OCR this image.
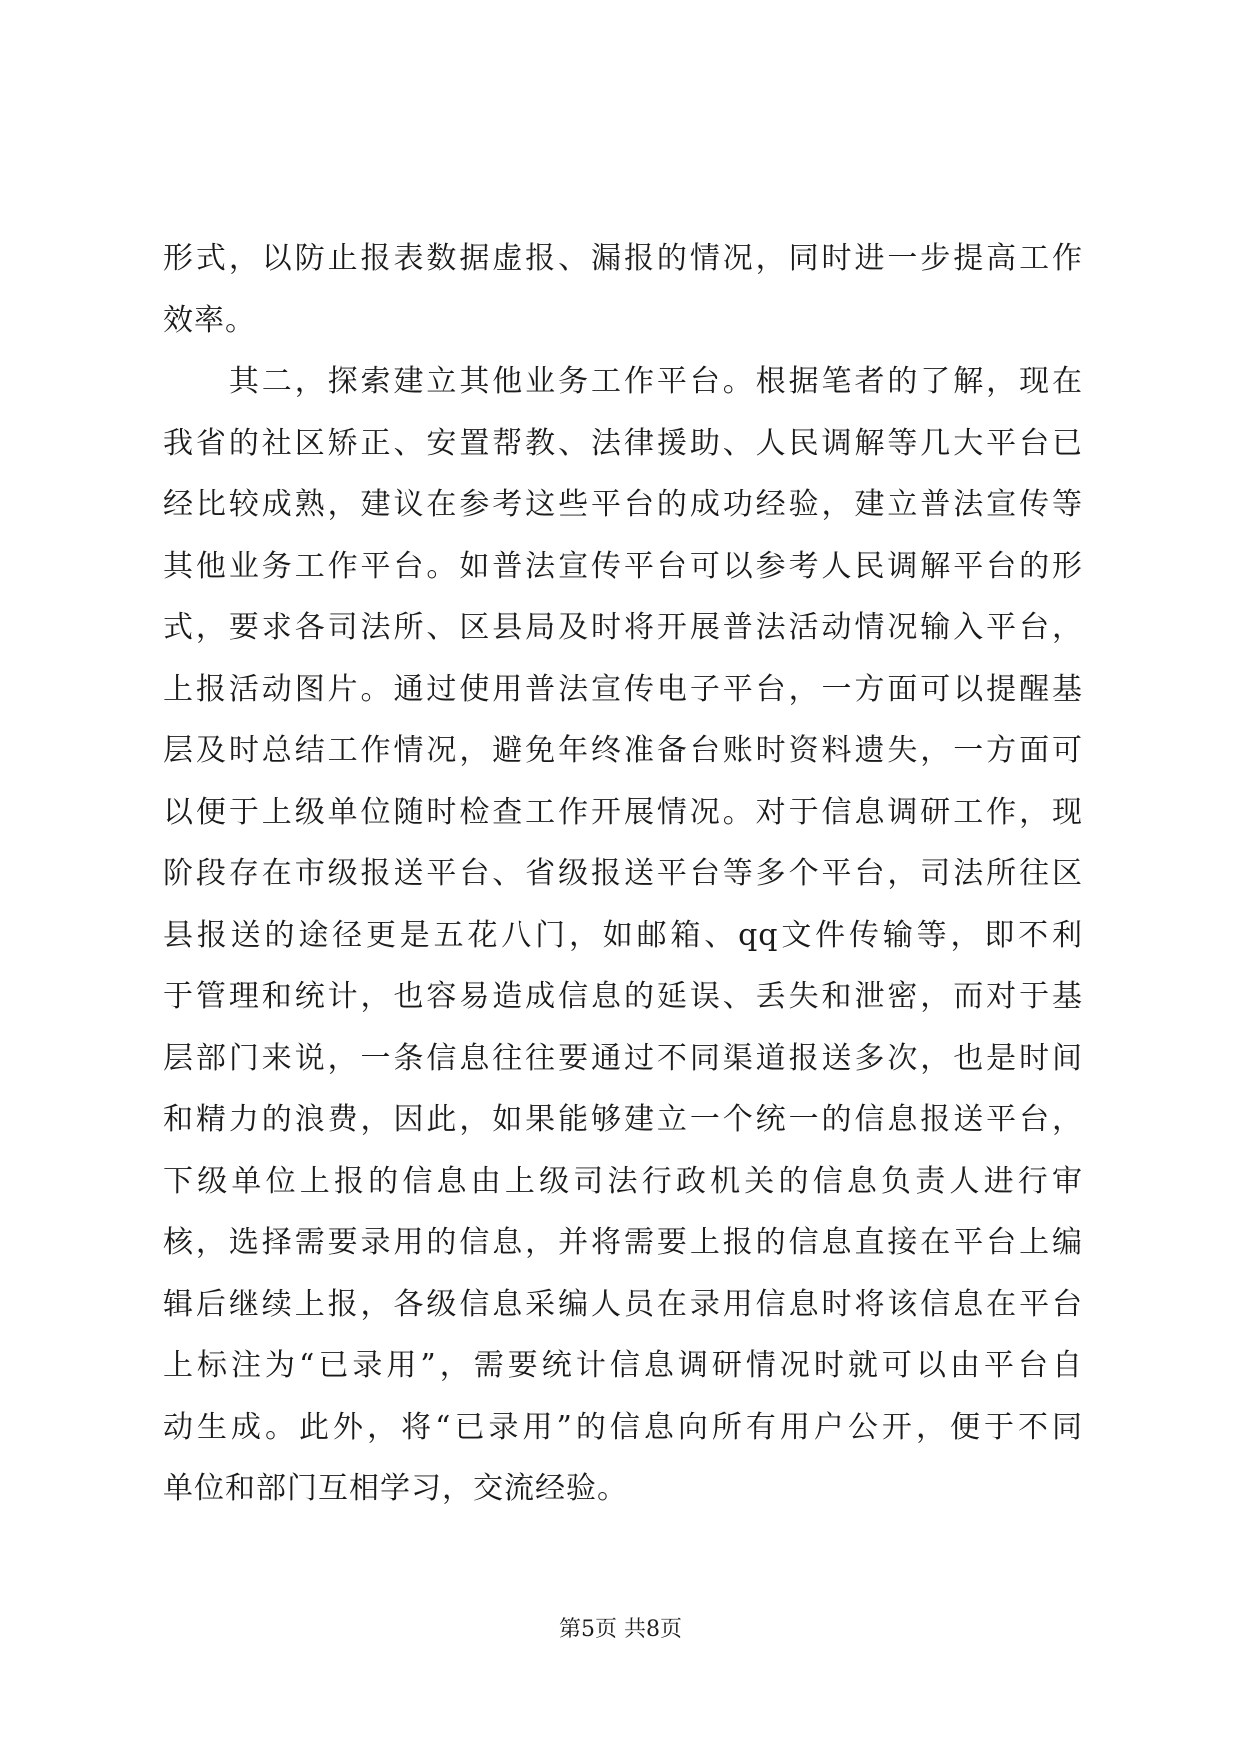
形式，以防止报表数据虚报、漏报的情况，同时进一步提高工作
效率。
　　其二，探索建立其他业务工作平台。根据笔者的了解，现在
我省的社区矫正、安置帮教、法律援助、人民调解等几大平台已
经比较成熟，建议在参考这些平台的成功经验，建立普法宣传等
其他业务工作平台。如普法宣传平台可以参考人民调解平台的形
式，要求各司法所、区县局及时将开展普法活动情况输入平台，
上报活动图片。通过使用普法宣传电子平台，一方面可以提醒基
层及时总结工作情况，避免年终准备台账时资料遗失，一方面可
以便于上级单位随时检查工作开展情况。对于信息调研工作，现
阶段存在市级报送平台、省级报送平台等多个平台，司法所往区
县报送的途径更是五花八门，如邮箱、qq文件传输等，即不利
于管理和统计，也容易造成信息的延误、丢失和泄密，而对于基
层部门来说，一条信息往往要通过不同渠道报送多次，也是时间
和精力的浪费，因此，如果能够建立一个统一的信息报送平台，
下级单位上报的信息由上级司法行政机关的信息负责人进行审
核，选择需要录用的信息，并将需要上报的信息直接在平台上编
辑后继续上报，各级信息采编人员在录用信息时将该信息在平台
上标注为“已录用”，需要统计信息调研情况时就可以由平台自
动生成。此外，将“已录用”的信息向所有用户公开，便于不同
单位和部门互相学习，交流经验。
第5页 共8页
